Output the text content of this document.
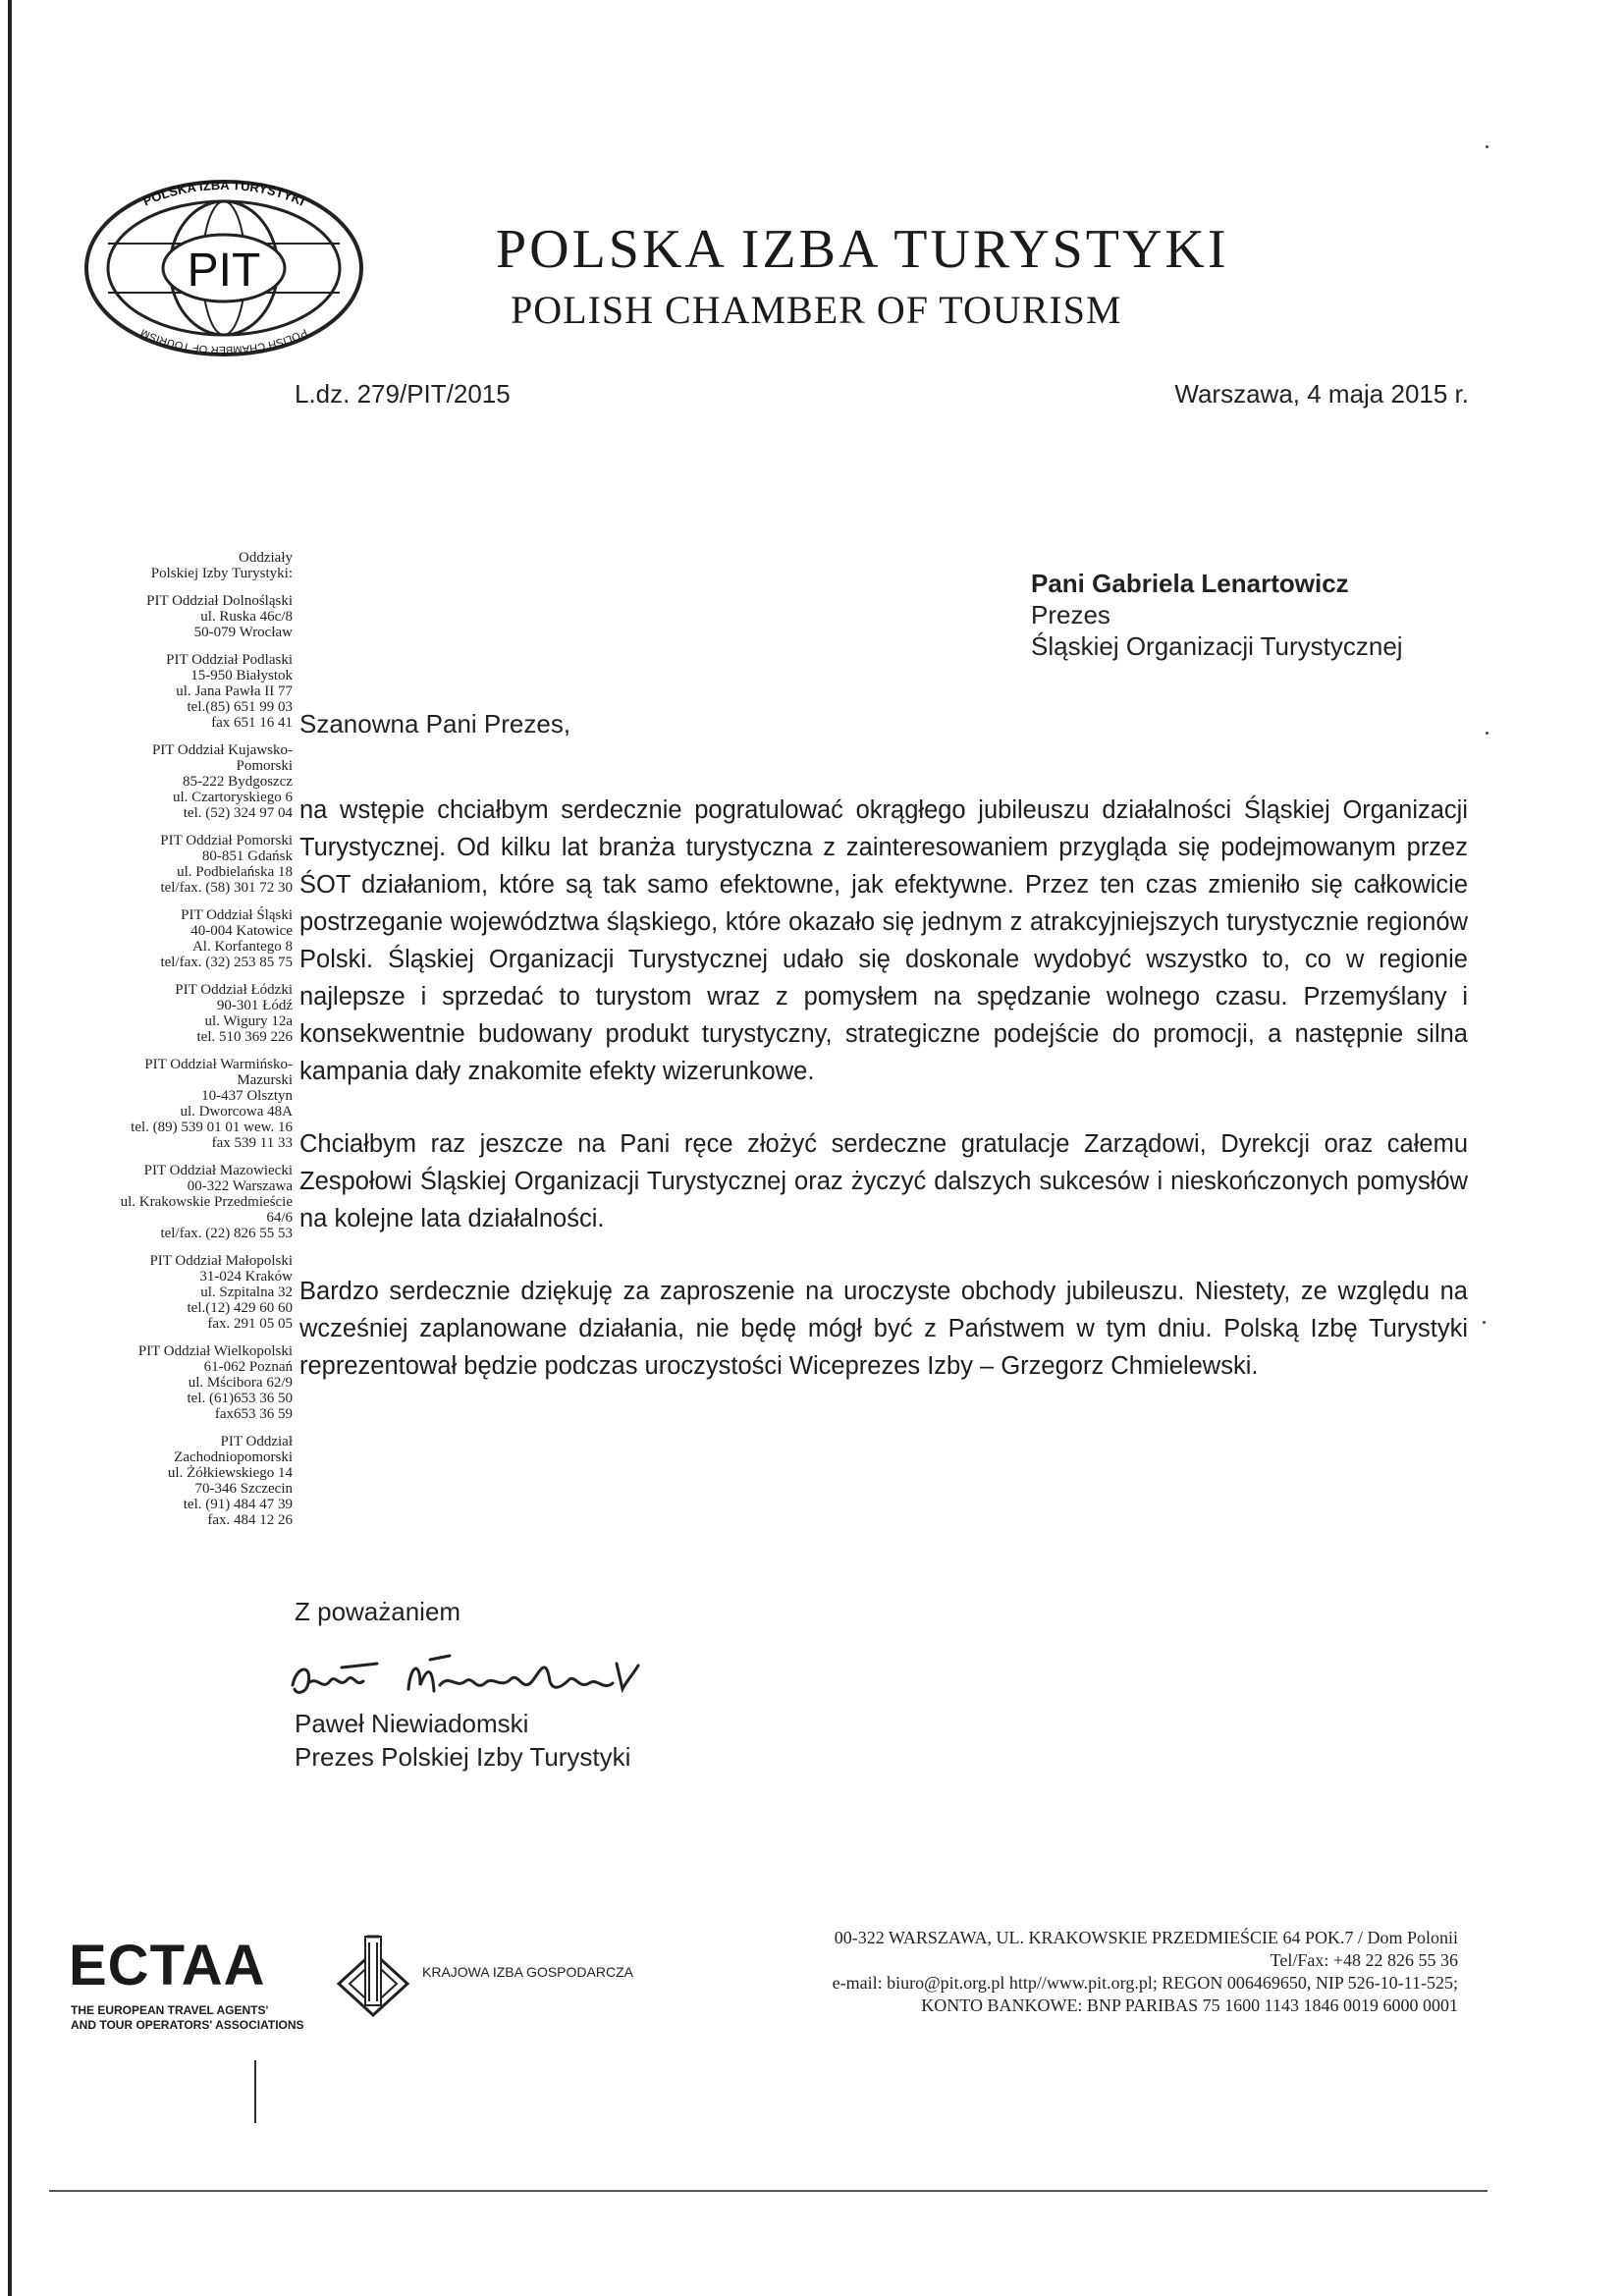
PIT
POLSKA IZBA TURYSTYKI
POLISH CHAMBER OF TOURISM
POLSKA IZBA TURYSTYKI
POLISH CHAMBER OF TOURISM
L.dz. 279/PIT/2015	Warszawa, 4 maja 2015 r.
Oddziały
Polskiej Izby Turystyki:
PIT Oddział Dolnośląski
ul. Ruska 46c/8
50-079 Wrocław
PIT Oddział Podlaski
15-950 Białystok
ul. Jana Pawła II 77
tel.(85) 651 99 03
fax 651 16 41
PIT Oddział Kujawsko-
Pomorski
85-222 Bydgoszcz
ul. Czartoryskiego 6
tel. (52) 324 97 04
PIT Oddział Pomorski
80-851 Gdańsk
ul. Podbielańska 18
tel/fax. (58) 301 72 30
PIT Oddział Śląski
40-004 Katowice
Al. Korfantego 8
tel/fax. (32) 253 85 75
PIT Oddział Łódzki
90-301 Łódź
ul. Wigury 12a
tel. 510 369 226
PIT Oddział Warmińsko-
Mazurski
10-437 Olsztyn
ul. Dworcowa 48A
tel. (89) 539 01 01 wew. 16
fax 539 11 33
PIT Oddział Mazowiecki
00-322 Warszawa
ul. Krakowskie Przedmieście
64/6
tel/fax. (22) 826 55 53
PIT Oddział Małopolski
31-024 Kraków
ul. Szpitalna 32
tel.(12) 429 60 60
fax. 291 05 05
PIT Oddział Wielkopolski
61-062 Poznań
ul. Mścibora 62/9
tel. (61)653 36 50
fax653 36 59
PIT Oddział
Zachodniopomorski
ul. Żółkiewskiego 14
70-346 Szczecin
tel. (91) 484 47 39
fax. 484 12 26
Pani Gabriela Lenartowicz
Prezes
Śląskiej Organizacji Turystycznej
Szanowna Pani Prezes,

na wstępie chciałbym serdecznie pogratulować okrągłego jubileuszu działalności Śląskiej Organizacji Turystycznej. Od kilku lat branża turystyczna z zainteresowaniem przygląda się podejmowanym przez ŚOT działaniom, które są tak samo efektowne, jak efektywne. Przez ten czas zmieniło się całkowicie postrzeganie województwa śląskiego, które okazało się jednym z atrakcyjniejszych turystycznie regionów Polski. Śląskiej Organizacji Turystycznej udało się doskonale wydobyć wszystko to, co w regionie najlepsze i sprzedać to turystom wraz z pomysłem na spędzanie wolnego czasu. Przemyślany i konsekwentnie budowany produkt turystyczny, strategiczne podejście do promocji, a następnie silna kampania dały znakomite efekty wizerunkowe.

Chciałbym raz jeszcze na Pani ręce złożyć serdeczne gratulacje Zarządowi, Dyrekcji oraz całemu Zespołowi Śląskiej Organizacji Turystycznej oraz życzyć dalszych sukcesów i nieskończonych pomysłów na kolejne lata działalności.

Bardzo serdecznie dziękuję za zaproszenie na uroczyste obchody jubileuszu. Niestety, ze względu na wcześniej zaplanowane działania, nie będę mógł być z Państwem w tym dniu. Polską Izbę Turystyki reprezentował będzie podczas uroczystości Wiceprezes Izby – Grzegorz Chmielewski.

Z poważaniem
Paweł Niewiadomski
Prezes Polskiej Izby Turystyki
ECTAA
THE EUROPEAN TRAVEL AGENTS'
AND TOUR OPERATORS' ASSOCIATIONS
KRAJOWA IZBA GOSPODARCZA
00-322 WARSZAWA, UL. KRAKOWSKIE PRZEDMIEŚCIE 64 POK.7 / Dom Polonii
Tel/Fax: +48 22 826 55 36
e-mail: biuro@pit.org.pl http//www.pit.org.pl; REGON 006469650, NIP 526-10-11-525;
KONTO BANKOWE: BNP PARIBAS 75 1600 1143 1846 0019 6000 0001
